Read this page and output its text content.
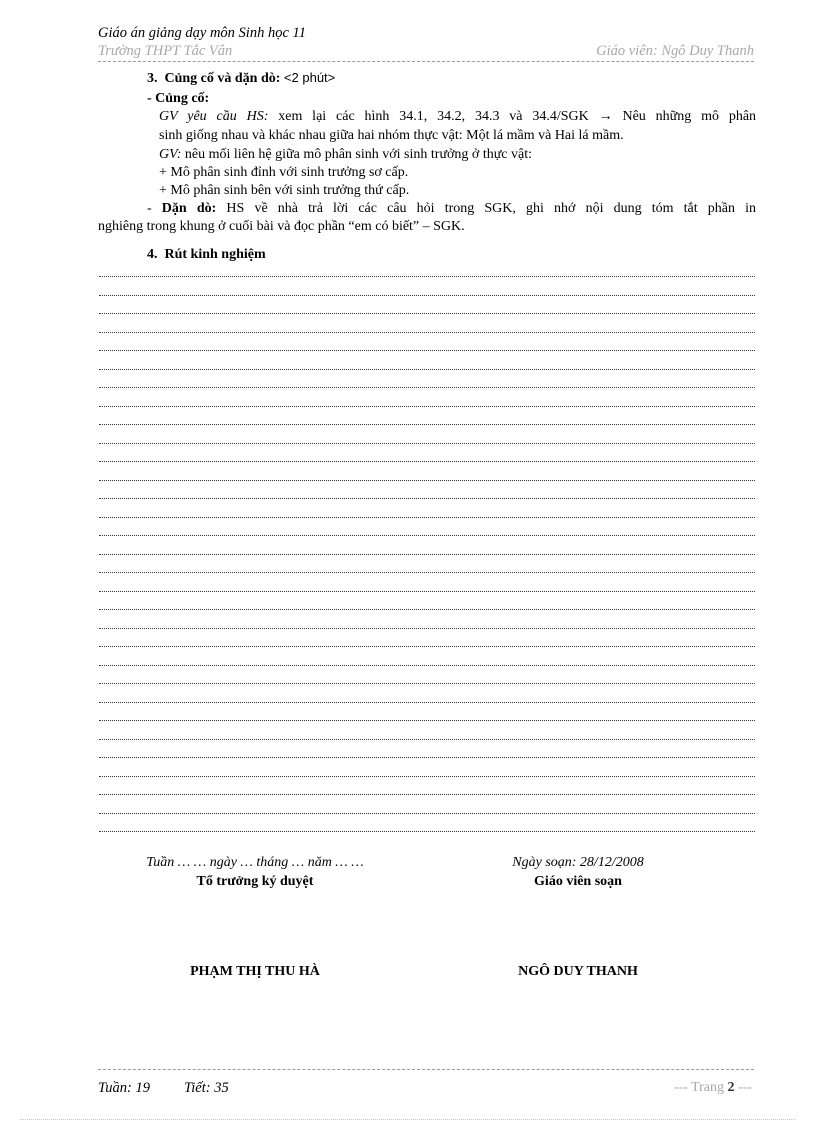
Giáo án giảng dạy môn Sinh học 11
Trường THPT Tắc Vân	Giáo viên: Ngô Duy Thanh
3. Củng cố và dặn dò: <2 phút>
- Củng cố:
GV yêu cầu HS: xem lại các hình 34.1, 34.2, 34.3 và 34.4/SGK → Nêu những mô phân
sinh giống nhau và khác nhau giữa hai nhóm thực vật: Một lá mầm và Hai lá mầm.
GV: nêu mối liên hệ giữa mô phân sinh với sinh trưởng ở thực vật:
+ Mô phân sinh đỉnh với sinh trưởng sơ cấp.
+ Mô phân sinh bên với sinh trưởng thứ cấp.
- Dặn dò: HS về nhà trả lời các câu hỏi trong SGK, ghi nhớ nội dung tóm tắt phần in
nghiêng trong khung ở cuối bài và đọc phần “em có biết” – SGK.
4. Rút kinh nghiệm
Tuần … … ngày … tháng … năm … …
Tổ trưởng ký duyệt
PHẠM THỊ THU HÀ
Ngày soạn: 28/12/2008
Giáo viên soạn
NGÔ DUY THANH
Tuần: 19 Tiết: 35	--- Trang 2 ---
